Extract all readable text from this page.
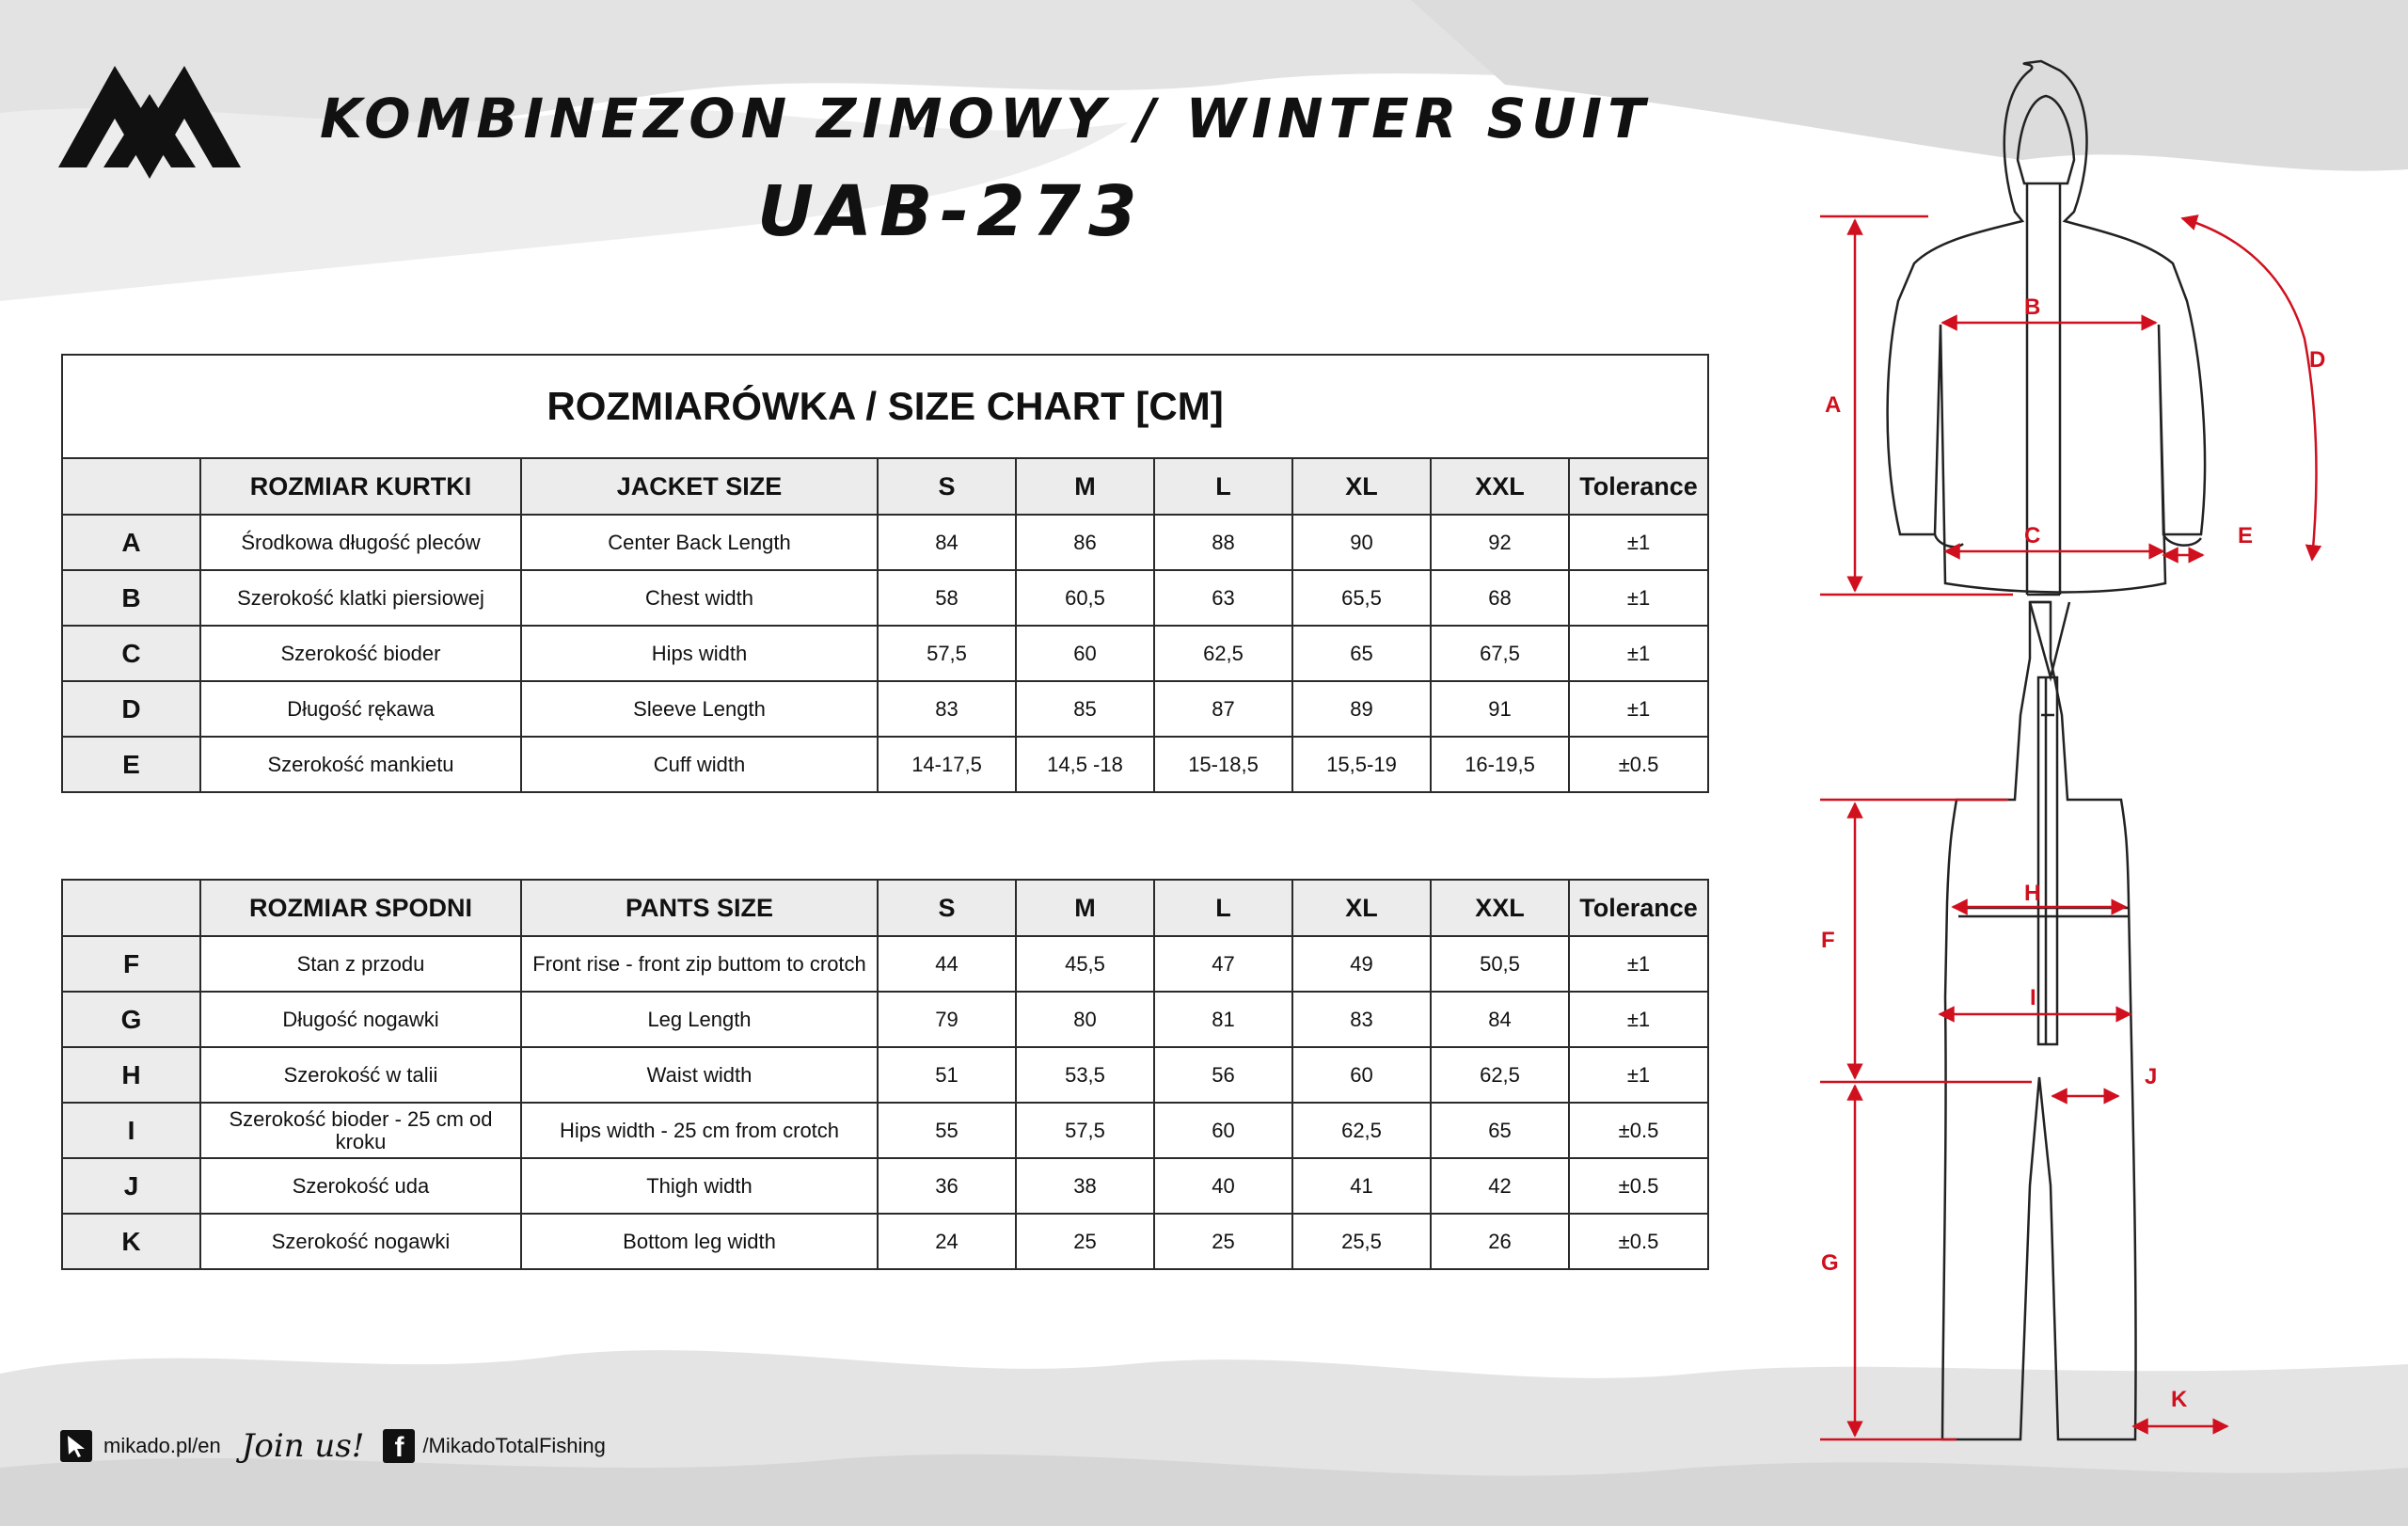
KOMBINEZON ZIMOWY / WINTER SUIT
UAB-273
ROZMIARÓWKA / SIZE CHART [CM]								
	ROZMIAR KURTKI	JACKET SIZE	S	M	L	XL	XXL	Tolerance
A	Środkowa długość pleców	Center Back Length	84	86	88	90	92	±1
B	Szerokość klatki piersiowej	Chest width	58	60,5	63	65,5	68	±1
C	Szerokość bioder	Hips width	57,5	60	62,5	65	67,5	±1
D	Długość rękawa	Sleeve Length	83	85	87	89	91	±1
E	Szerokość mankietu	Cuff width	14-17,5	14,5 -18	15-18,5	15,5-19	16-19,5	±0.5
	ROZMIAR SPODNI	PANTS SIZE	S	M	L	XL	XXL	Tolerance
F	Stan z przodu	Front rise - front zip buttom to crotch	44	45,5	47	49	50,5	±1
G	Długość nogawki	Leg Length	79	80	81	83	84	±1
H	Szerokość w talii	Waist width	51	53,5	56	60	62,5	±1
I	Szerokość bioder - 25 cm od kroku	Hips width - 25 cm from crotch	55	57,5	60	62,5	65	±0.5
J	Szerokość uda	Thigh width	36	38	40	41	42	±0.5
K	Szerokość nogawki	Bottom leg width	24	25	25	25,5	26	±0.5
A
B
C
D
E
F
G
H
I
J
K
mikado.pl/en Join us!	f /MikadoTotalFishing
